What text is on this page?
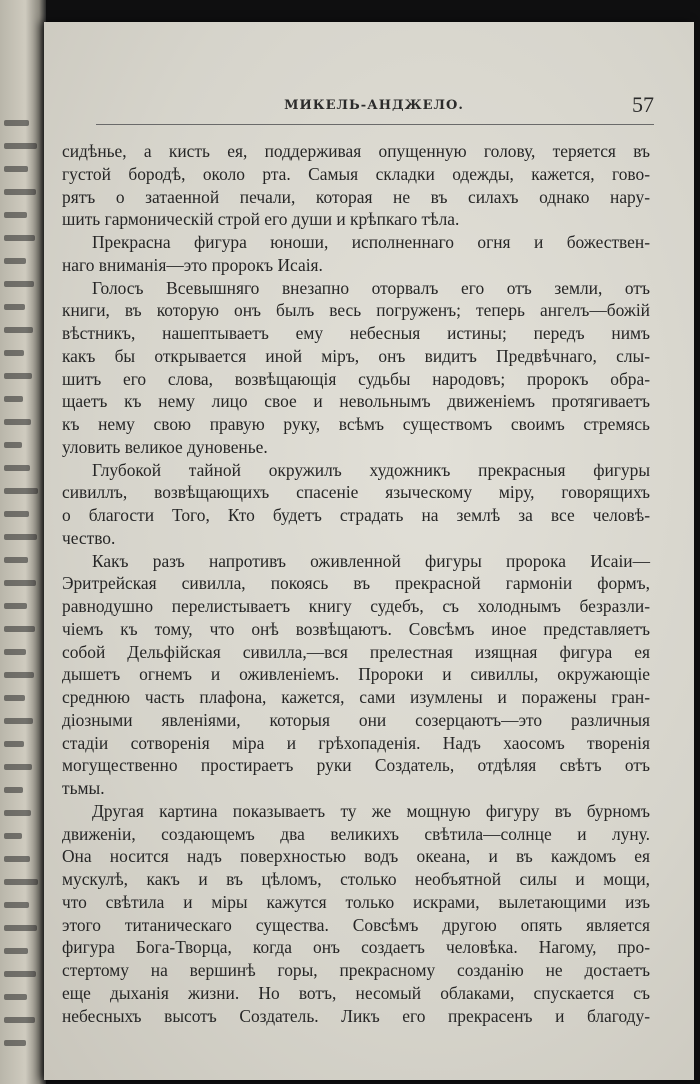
МИКЕЛЬ-АНДЖЕЛО.	57
сидѣнье, а кисть ея, поддерживая опущенную голову, теряется въ
густой бородѣ, около рта. Самыя складки одежды, кажется, гово-
рятъ о затаенной печали, которая не въ силахъ однако нару-
шить гармоническій строй его души и крѣпкаго тѣла.
Прекрасна фигура юноши, исполненнаго огня и божествен-
наго вниманія—это пророкъ Исаія.
Голосъ Всевышняго внезапно оторвалъ его отъ земли, отъ
книги, въ которую онъ былъ весь погруженъ; теперь ангелъ—божій
вѣстникъ, нашептываетъ ему небесныя истины; передъ нимъ
какъ бы открывается иной міръ, онъ видитъ Предвѣчнаго, слы-
шитъ его слова, возвѣщающія судьбы народовъ; пророкъ обра-
щаетъ къ нему лицо свое и невольнымъ движеніемъ протягиваетъ
къ нему свою правую руку, всѣмъ существомъ своимъ стремясь
уловить великое дуновенье.
Глубокой тайной окружилъ художникъ прекрасныя фигуры
сивиллъ, возвѣщающихъ спасеніе языческому міру, говорящихъ
о благости Того, Кто будетъ страдать на землѣ за все человѣ-
чество.
Какъ разъ напротивъ оживленной фигуры пророка Исаіи—
Эритрейская сивилла, покоясь въ прекрасной гармоніи формъ,
равнодушно перелистываетъ книгу судебъ, съ холоднымъ безразли-
чіемъ къ тому, что онѣ возвѣщаютъ. Совсѣмъ иное представляетъ
собой Дельфійская сивилла,—вся прелестная изящная фигура ея
дышетъ огнемъ и оживленіемъ. Пророки и сивиллы, окружающіе
среднюю часть плафона, кажется, сами изумлены и поражены гран-
діозными явленіями, которыя они созерцаютъ—это различныя
стадіи сотворенія міра и грѣхопаденія. Надъ хаосомъ творенія
могущественно простираетъ руки Создатель, отдѣляя свѣтъ отъ
тьмы.
Другая картина показываетъ ту же мощную фигуру въ бурномъ
движеніи, создающемъ два великихъ свѣтила—солнце и луну.
Она носится надъ поверхностью водъ океана, и въ каждомъ ея
мускулѣ, какъ и въ цѣломъ, столько необъятной силы и мощи,
что свѣтила и міры кажутся только искрами, вылетающими изъ
этого титаническаго существа. Совсѣмъ другою опять является
фигура Бога-Творца, когда онъ создаетъ человѣка. Нагому, про-
стертому на вершинѣ горы, прекрасному созданію не достаетъ
еще дыханія жизни. Но вотъ, несомый облаками, спускается съ
небесныхъ высотъ Создатель. Ликъ его прекрасенъ и благоду-
